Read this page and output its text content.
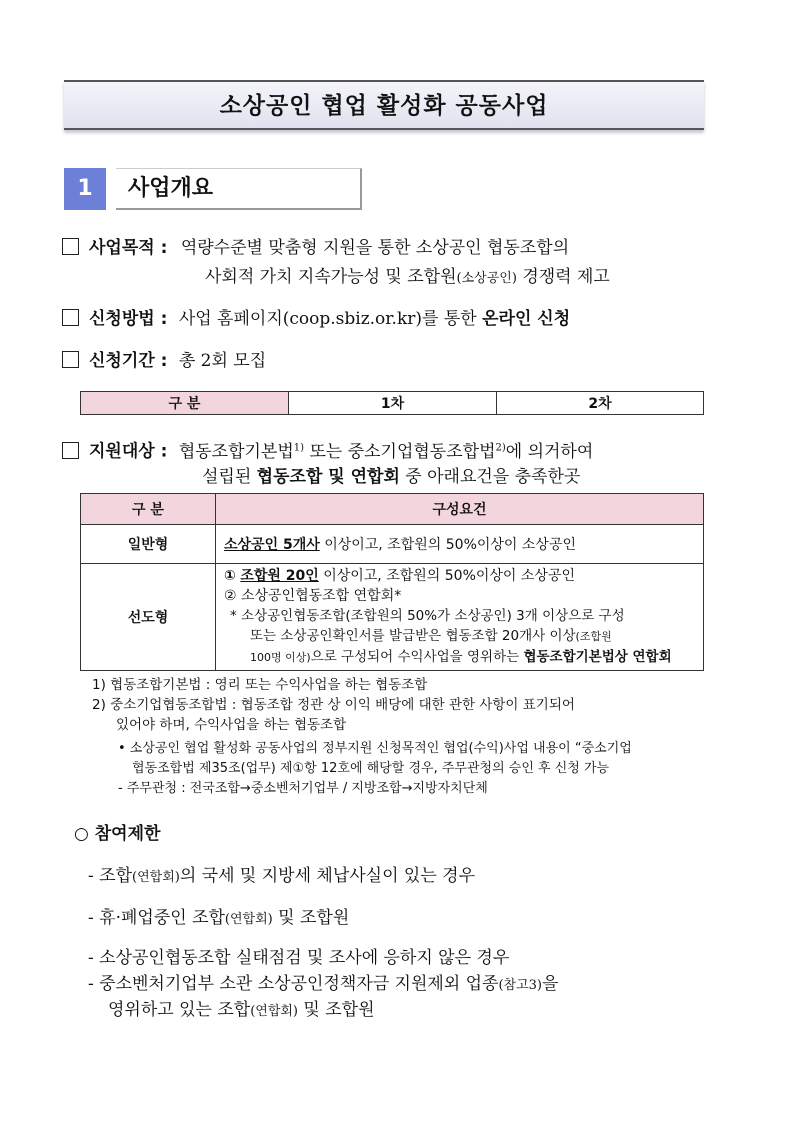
소상공인 협업 활성화 공동사업
1	사업개요
사업목적 : 역량수준별 맞춤형 지원을 통한 소상공인 협동조합의
사회적 가치 지속가능성 및 조합원(소상공인) 경쟁력 제고
신청방법 : 사업 홈페이지(coop.sbiz.or.kr)를 통한 온라인 신청
신청기간 : 총 2회 모집
구 분	1차	2차
지원대상 : 협동조합기본법$^{1)}$ 또는 중소기업협동조합법$^{2)}$에 의거하여
설립된 협동조합 및 연합회 중 아래요건을 충족한곳
구 분	구성요건
일반형	소상공인 5개사 이상이고, 조합원의 50%이상이 소상공인
선도형	① 조합원 20인 이상이고, 조합원의 50%이상이 소상공인
② 소상공인협동조합 연합회*
* 소상공인협동조합(조합원의 50%가 소상공인) 3개 이상으로 구성
또는 소상공인확인서를 발급받은 협동조합 20개사 이상(조합원
100명 이상)으로 구성되어 수익사업을 영위하는 협동조합기본법상 연합회
1) 협동조합기본법 : 영리 또는 수익사업을 하는 협동조합
2) 중소기업협동조합법 : 협동조합 정관 상 이익 배당에 대한 관한 사항이 표기되어
있어야 하며, 수익사업을 하는 협동조합
• 소상공인 협업 활성화 공동사업의 정부지원 신청목적인 협업(수익)사업 내용이 “중소기업
협동조합법 제35조(업무) 제①항 12호에 해당할 경우, 주무관청의 승인 후 신청 가능
- 주무관청 : 전국조합→중소벤처기업부 / 지방조합→지방자치단체
○ 참여제한
- 조합(연합회)의 국세 및 지방세 체납사실이 있는 경우
- 휴·폐업중인 조합(연합회) 및 조합원
- 소상공인협동조합 실태점검 및 조사에 응하지 않은 경우
- 중소벤처기업부 소관 소상공인정책자금 지원제외 업종(참고3)을
영위하고 있는 조합(연합회) 및 조합원
